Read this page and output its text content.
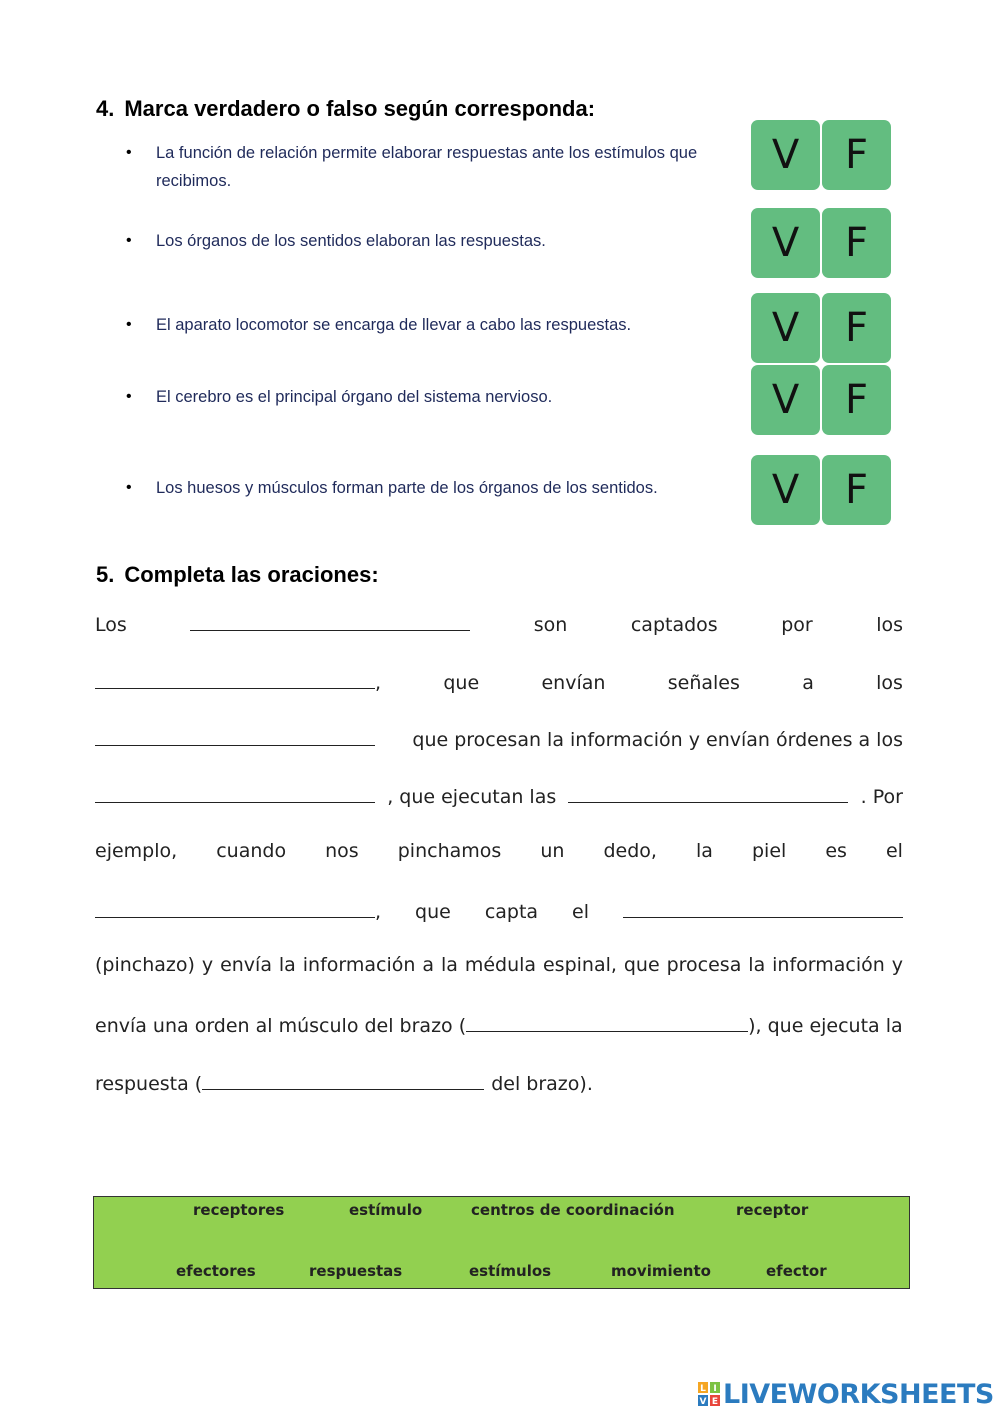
4. Marca verdadero o falso según corresponda:
• La función de relación permite elaborar respuestas ante los estímulos que recibimos.
V	F
• Los órganos de los sentidos elaboran las respuestas.	V	F
• El aparato locomotor se encarga de llevar a cabo las respuestas.	V	F
• El cerebro es el principal órgano del sistema nervioso.	V	F
• Los huesos y músculos forman parte de los órganos de los sentidos.	V	F
5. Completa las oraciones:
Los	son	captados	por	los
,	que	envían	señales	a	los
que procesan la información y envían órdenes a los
, que ejecutan las	. Por
ejemplo, cuando nos pinchamos un dedo, la piel es el
, que capta el
(pinchazo) y envía la información a la médula espinal, que procesa la información y
envía una orden al músculo del brazo (	), que ejecuta la
respuesta (	del brazo).
receptores	estímulo	centros de coordinación	receptor
efectores	respuestas	estímulos	movimiento	efector
L I
V E LIVEWORKSHEETS
